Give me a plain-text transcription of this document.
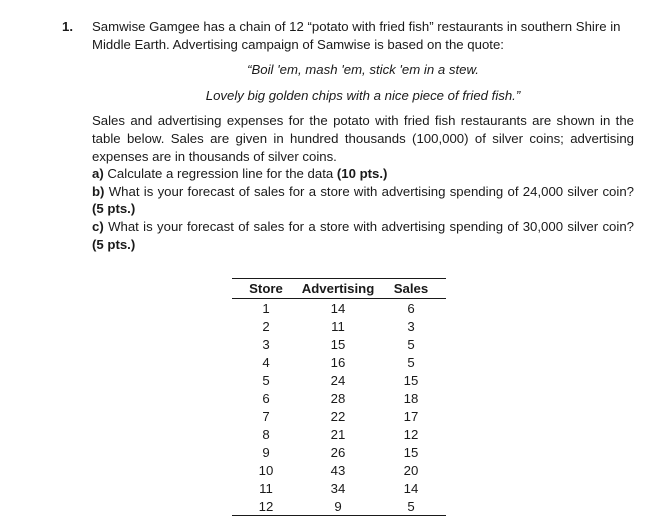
1. Samwise Gamgee has a chain of 12 “potato with fried fish” restaurants in southern Shire in Middle Earth. Advertising campaign of Samwise is based on the quote:

“Boil 'em, mash 'em, stick 'em in a stew.

Lovely big golden chips with a nice piece of fried fish.”

Sales and advertising expenses for the potato with fried fish restaurants are shown in the table below. Sales are given in hundred thousands (100,000) of silver coins; advertising expenses are in thousands of silver coins.

a) Calculate a regression line for the data (10 pts.)

b) What is your forecast of sales for a store with advertising spending of 24,000 silver coin? (5 pts.)

c) What is your forecast of sales for a store with advertising spending of 30,000 silver coin? (5 pts.)

Store	Advertising	Sales
1	14	6
2	11	3
3	15	5
4	16	5
5	24	15
6	28	18
7	22	17
8	21	12
9	26	15
10	43	20
11	34	14
12	9	5
